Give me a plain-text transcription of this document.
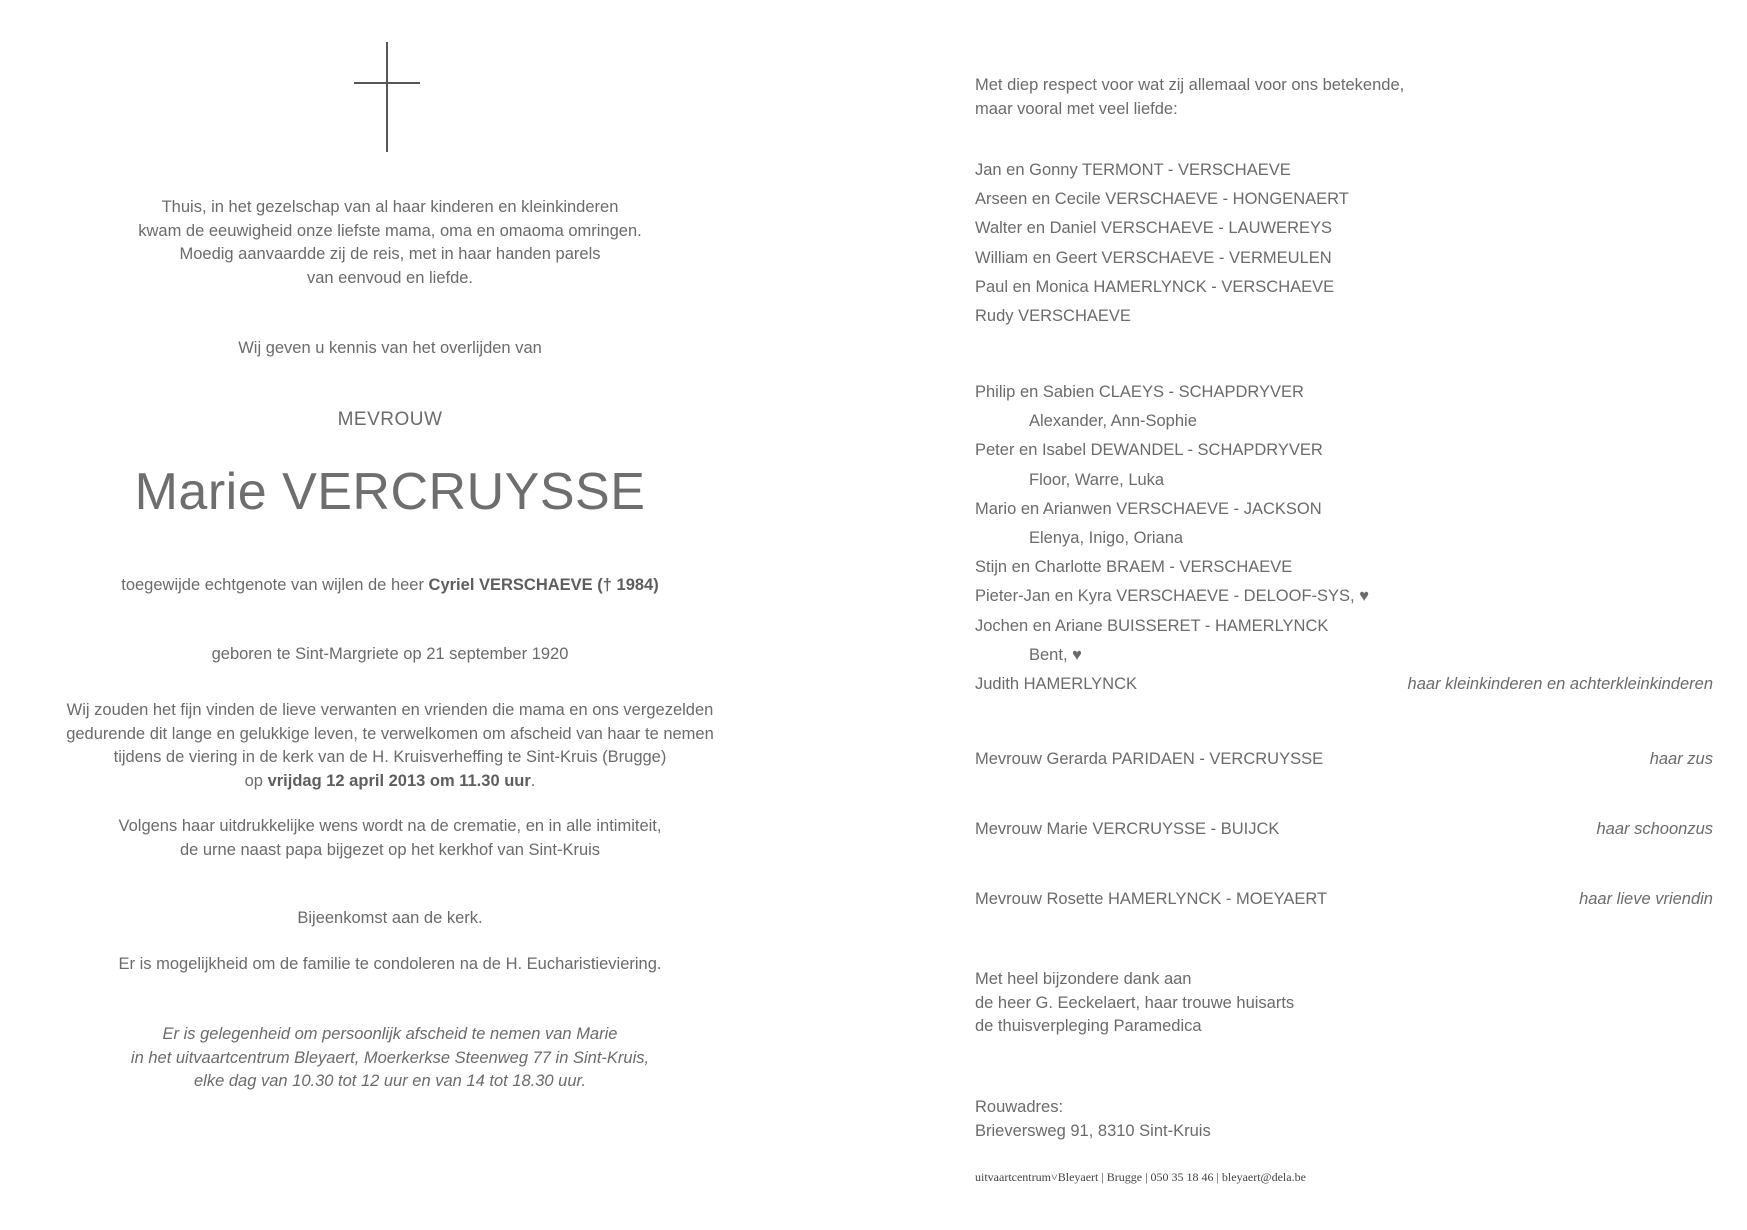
Thuis, in het gezelschap van al haar kinderen en kleinkinderen

kwam de eeuwigheid onze liefste mama, oma en omaoma omringen.

Moedig aanvaardde zij de reis, met in haar handen parels

van eenvoud en liefde.

Wij geven u kennis van het overlijden van
MEVROUW
Marie VERCRUYSSE
toegewijde echtgenote van wijlen de heer Cyriel VERSCHAEVE († 1984)
geboren te Sint-Margriete op 21 september 1920

Wij zouden het fijn vinden de lieve verwanten en vrienden die mama en ons vergezelden

gedurende dit lange en gelukkige leven, te verwelkomen om afscheid van haar te nemen

tijdens de viering in de kerk van de H. Kruisverheffing te Sint-Kruis (Brugge)

op vrijdag 12 april 2013 om 11.30 uur.

Volgens haar uitdrukkelijke wens wordt na de crematie, en in alle intimiteit,

de urne naast papa bijgezet op het kerkhof van Sint-Kruis

Bijeenkomst aan de kerk.
Er is mogelijkheid om de familie te condoleren na de H. Eucharistieviering.

Er is gelegenheid om persoonlijk afscheid te nemen van Marie

in het uitvaartcentrum Bleyaert, Moerkerkse Steenweg 77 in Sint-Kruis,

elke dag van 10.30 tot 12 uur en van 14 tot 18.30 uur.

Met diep respect voor wat zij allemaal voor ons betekende,

maar vooral met veel liefde:

Jan en Gonny TERMONT - VERSCHAEVE
Arseen en Cecile VERSCHAEVE - HONGENAERT
Walter en Daniel VERSCHAEVE - LAUWEREYS
William en Geert VERSCHAEVE - VERMEULEN
Paul en Monica HAMERLYNCK - VERSCHAEVE
Rudy VERSCHAEVE
Philip en Sabien CLAEYS - SCHAPDRYVER
Alexander, Ann-Sophie
Peter en Isabel DEWANDEL - SCHAPDRYVER
Floor, Warre, Luka
Mario en Arianwen VERSCHAEVE - JACKSON
Elenya, Inigo, Oriana
Stijn en Charlotte BRAEM - VERSCHAEVE
Pieter-Jan en Kyra VERSCHAEVE - DELOOF-SYS, ♥
Jochen en Ariane BUISSERET - HAMERLYNCK
Bent, ♥
Judith HAMERLYNCK	haar kleinkinderen en achterkleinkinderen
Mevrouw Gerarda PARIDAEN - VERCRUYSSE	haar zus
Mevrouw Marie VERCRUYSSE - BUIJCK	haar schoonzus
Mevrouw Rosette HAMERLYNCK - MOEYAERT	haar lieve vriendin

Met heel bijzondere dank aan

de heer G. Eeckelaert, haar trouwe huisarts

de thuisverpleging Paramedica

Rouwadres:

Brieversweg 91, 8310 Sint-Kruis

uitvaartcentrum˅Bleyaert | Brugge | 050 35 18 46 | bleyaert@dela.be
